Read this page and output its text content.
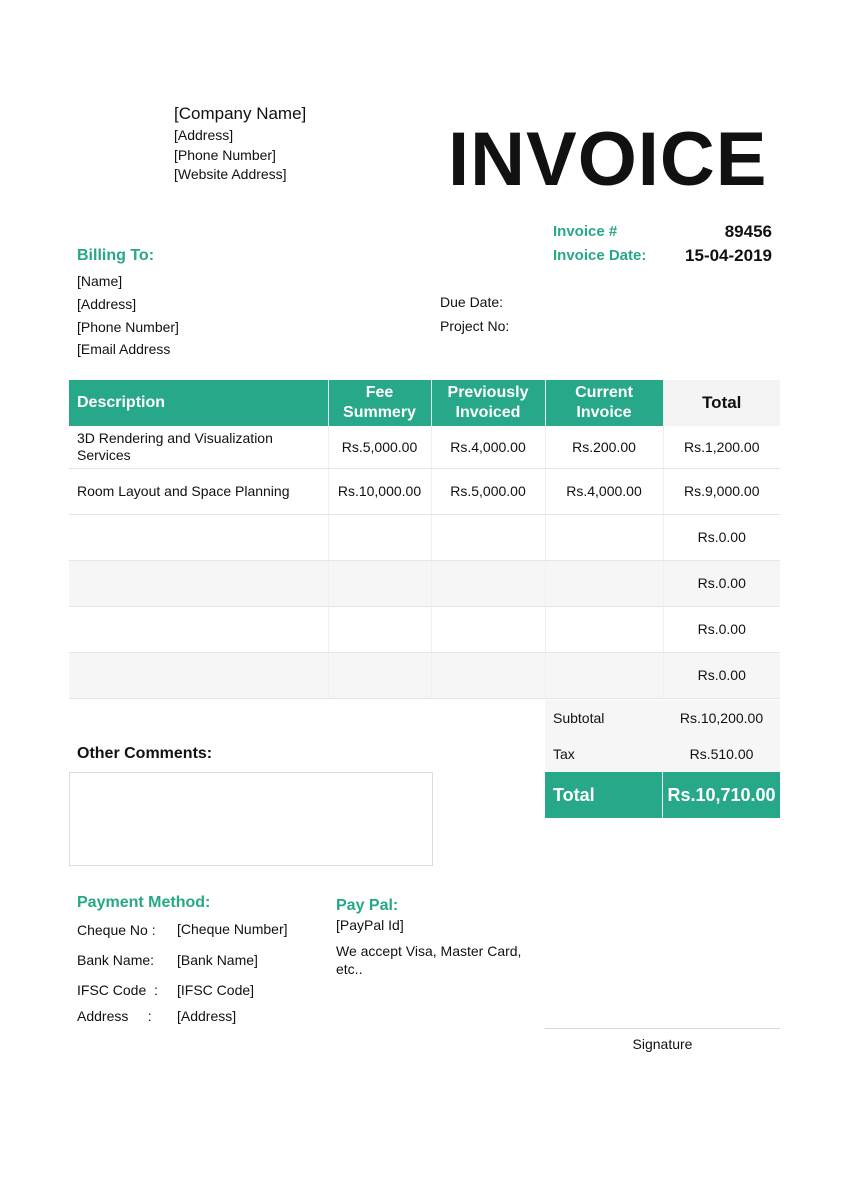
[Company Name]
[Address]
[Phone Number]
[Website Address] INVOICE
Invoice #	89456
Invoice Date: 15-04-2019
Billing To:
[Name]
[Address]
[Phone Number]
[Email Address
Due Date:
Project No:
Description	Fee Summery	Previously Invoiced	Current Invoice	Total
3D Rendering and Visualization Services	Rs.5,000.00	Rs.4,000.00	Rs.200.00	Rs.1,200.00
Room Layout and Space Planning	Rs.10,000.00	Rs.5,000.00	Rs.4,000.00	Rs.9,000.00
				Rs.0.00
				Rs.0.00
				Rs.0.00
				Rs.0.00
Subtotal	Rs.10,200.00
Tax	Rs.510.00
Total	Rs.10,710.00
Other Comments:
Payment Method:
Cheque No : [Cheque Number]
Bank Name: [Bank Name]
IFSC Code  : [IFSC Code]
Address     : [Address]
Pay Pal:
[PayPal Id]
We accept Visa, Master Card, etc..
Signature
